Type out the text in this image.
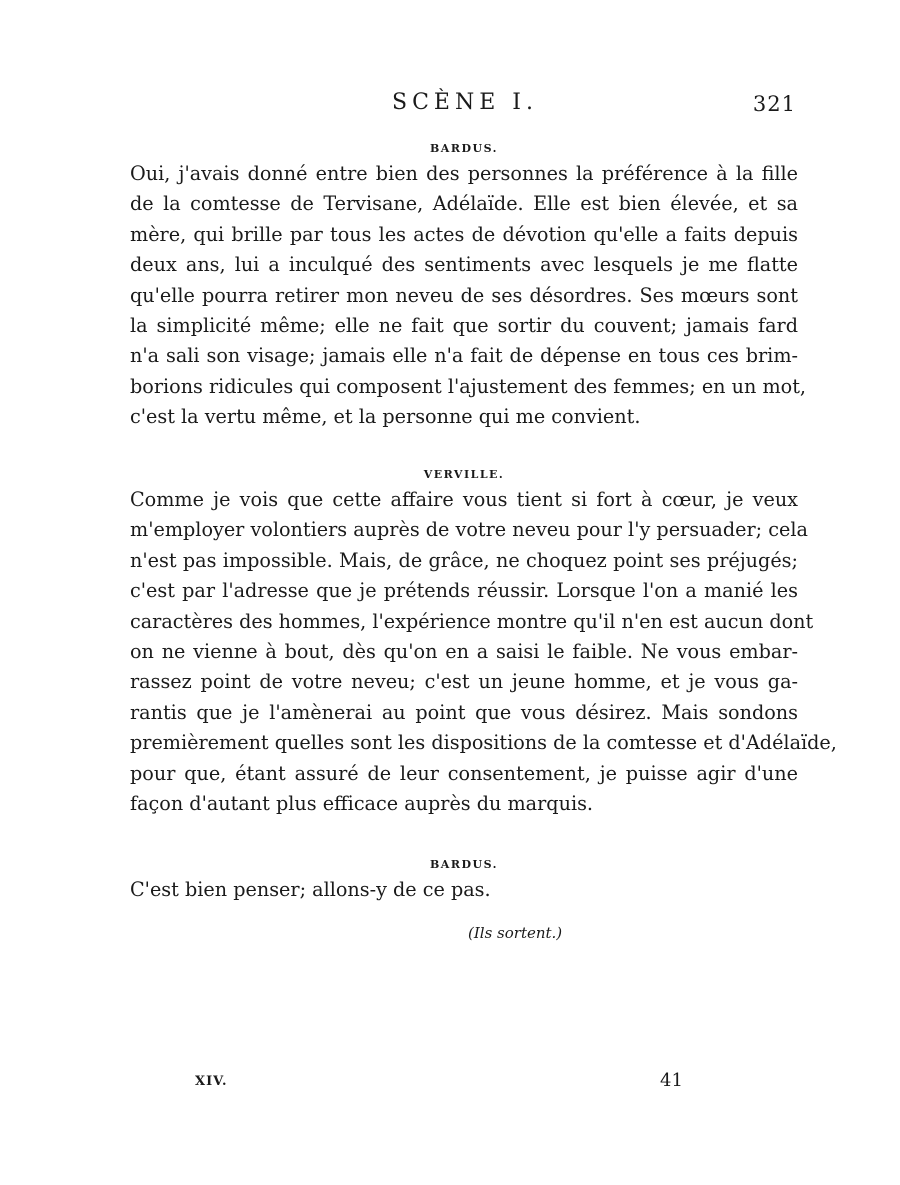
SCÈNE I.	321
BARDUS.
Oui, j'avais donné entre bien des personnes la préférence à la fille
de la comtesse de Tervisane, Adélaïde. Elle est bien élevée, et sa
mère, qui brille par tous les actes de dévotion qu'elle a faits depuis
deux ans, lui a inculqué des sentiments avec lesquels je me flatte
qu'elle pourra retirer mon neveu de ses désordres. Ses mœurs sont
la simplicité même; elle ne fait que sortir du couvent; jamais fard
n'a sali son visage; jamais elle n'a fait de dépense en tous ces brim-
borions ridicules qui composent l'ajustement des femmes; en un mot,
c'est la vertu même, et la personne qui me convient.
VERVILLE.
Comme je vois que cette affaire vous tient si fort à cœur, je veux
m'employer volontiers auprès de votre neveu pour l'y persuader; cela
n'est pas impossible. Mais, de grâce, ne choquez point ses préjugés;
c'est par l'adresse que je prétends réussir. Lorsque l'on a manié les
caractères des hommes, l'expérience montre qu'il n'en est aucun dont
on ne vienne à bout, dès qu'on en a saisi le faible. Ne vous embar-
rassez point de votre neveu; c'est un jeune homme, et je vous ga-
rantis que je l'amènerai au point que vous désirez. Mais sondons
premièrement quelles sont les dispositions de la comtesse et d'Adélaïde,
pour que, étant assuré de leur consentement, je puisse agir d'une
façon d'autant plus efficace auprès du marquis.
BARDUS.
C'est bien penser; allons-y de ce pas.
(Ils sortent.)
XIV.	41
